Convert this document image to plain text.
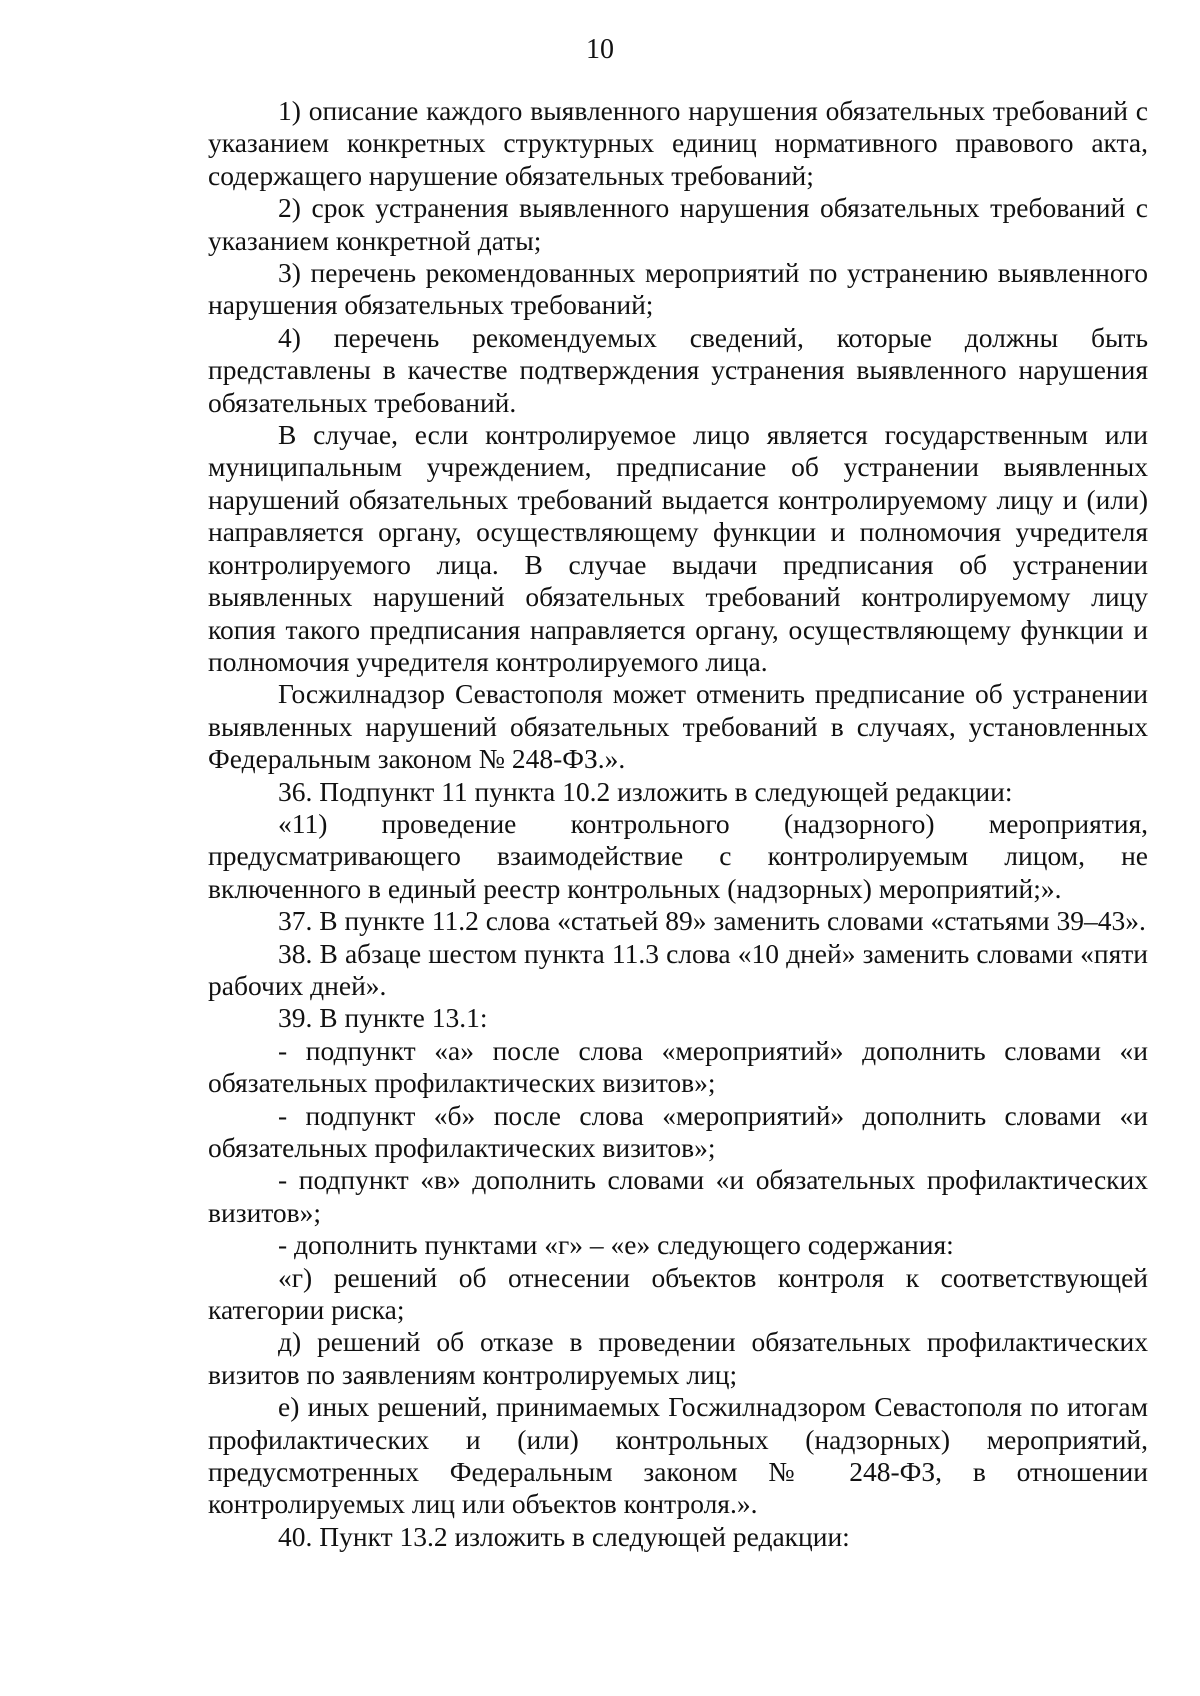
10

1) описание каждого выявленного нарушения обязательных требований с указанием конкретных структурных единиц нормативного правового акта, содержащего нарушение обязательных требований;

2) срок устранения выявленного нарушения обязательных требований с указанием конкретной даты;

3) перечень рекомендованных мероприятий по устранению выявленного нарушения обязательных требований;

4) перечень рекомендуемых сведений, которые должны быть представлены в качестве подтверждения устранения выявленного нарушения обязательных требований.

В случае, если контролируемое лицо является государственным или муниципальным учреждением, предписание об устранении выявленных нарушений обязательных требований выдается контролируемому лицу и (или) направляется органу, осуществляющему функции и полномочия учредителя контролируемого лица. В случае выдачи предписания об устранении выявленных нарушений обязательных требований контролируемому лицу копия такого предписания направляется органу, осуществляющему функции и полномочия учредителя контролируемого лица.

Госжилнадзор Севастополя может отменить предписание об устранении выявленных нарушений обязательных требований в случаях, установленных Федеральным законом № 248-ФЗ.».

36. Подпункт 11 пункта 10.2 изложить в следующей редакции:

«11) проведение контрольного (надзорного) мероприятия, предусматривающего взаимодействие с контролируемым лицом, не включенного в единый реестр контрольных (надзорных) мероприятий;».

37. В пункте 11.2 слова «статьей 89» заменить словами «статьями 39–43».

38. В абзаце шестом пункта 11.3 слова «10 дней» заменить словами «пяти рабочих дней».

39. В пункте 13.1:

- подпункт «а» после слова «мероприятий» дополнить словами «и обязательных профилактических визитов»;

- подпункт «б» после слова «мероприятий» дополнить словами «и обязательных профилактических визитов»;

- подпункт «в» дополнить словами «и обязательных профилактических визитов»;

- дополнить пунктами «г» – «е» следующего содержания:

«г) решений об отнесении объектов контроля к соответствующей категории риска;

д) решений об отказе в проведении обязательных профилактических визитов по заявлениям контролируемых лиц;

е) иных решений, принимаемых Госжилнадзором Севастополя по итогам профилактических и (или) контрольных (надзорных) мероприятий, предусмотренных Федеральным законом № 248-ФЗ, в отношении контролируемых лиц или объектов контроля.».

40. Пункт 13.2 изложить в следующей редакции:
